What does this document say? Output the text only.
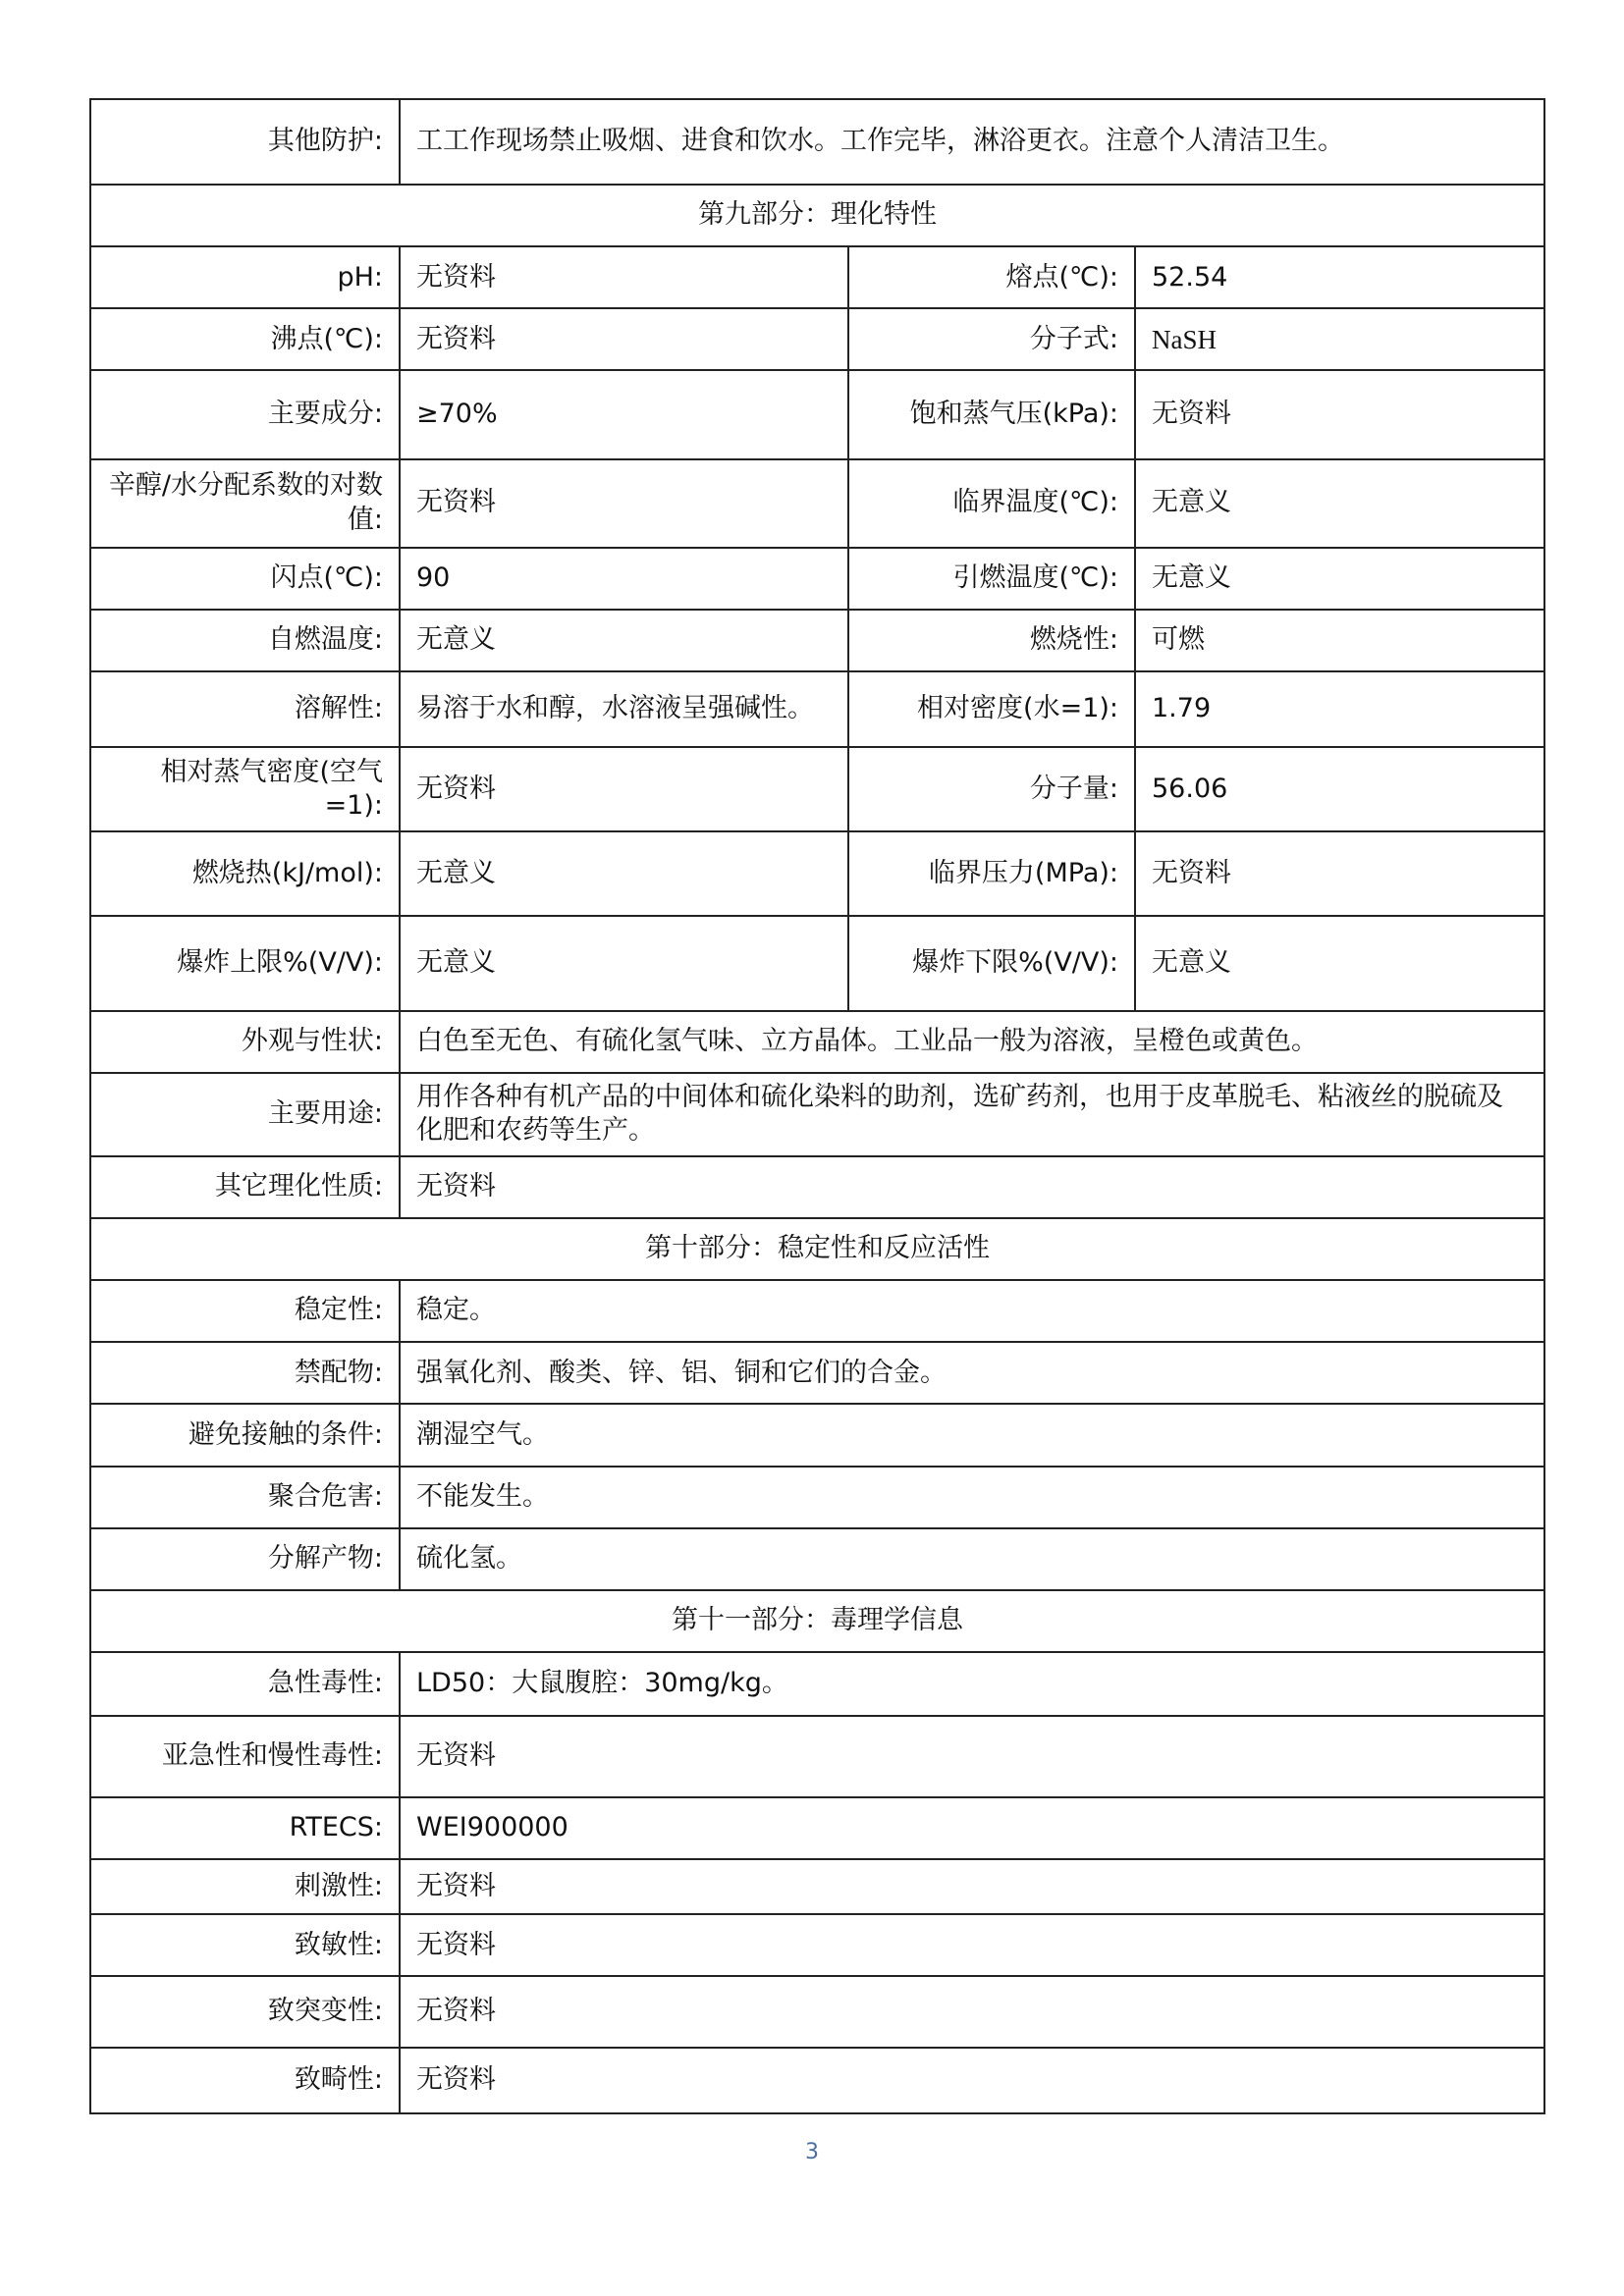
其他防护:	工工作现场禁止吸烟、进食和饮水。工作完毕，淋浴更衣。注意个人清洁卫生。		
第九部分：理化特性			
pH:	无资料	熔点(℃):	52.54
沸点(℃):	无资料	分子式:	NaSH
主要成分:	≥70%	饱和蒸气压(kPa):	无资料
辛醇/水分配系数的对数值:	无资料	临界温度(℃):	无意义
闪点(℃):	90	引燃温度(℃):	无意义
自燃温度:	无意义	燃烧性:	可燃
溶解性:	易溶于水和醇，水溶液呈强碱性。	相对密度(水=1):	1.79
相对蒸气密度(空气=1):	无资料	分子量:	56.06
燃烧热(kJ/mol):	无意义	临界压力(MPa):	无资料
爆炸上限%(V/V):	无意义	爆炸下限%(V/V):	无意义
外观与性状:	白色至无色、有硫化氢气味、立方晶体。工业品一般为溶液，呈橙色或黄色。		
主要用途:	用作各种有机产品的中间体和硫化染料的助剂，选矿药剂，也用于皮革脱毛、粘液丝的脱硫及化肥和农药等生产。		
其它理化性质:	无资料		
第十部分：稳定性和反应活性			
稳定性:	稳定。		
禁配物:	强氧化剂、酸类、锌、铝、铜和它们的合金。		
避免接触的条件:	潮湿空气。		
聚合危害:	不能发生。		
分解产物:	硫化氢。		
第十一部分：毒理学信息			
急性毒性:	LD50：大鼠腹腔：30mg/kg。		
亚急性和慢性毒性:	无资料		
RTECS:	WEI900000		
刺激性:	无资料		
致敏性:	无资料		
致突变性:	无资料		
致畸性:	无资料		
3
